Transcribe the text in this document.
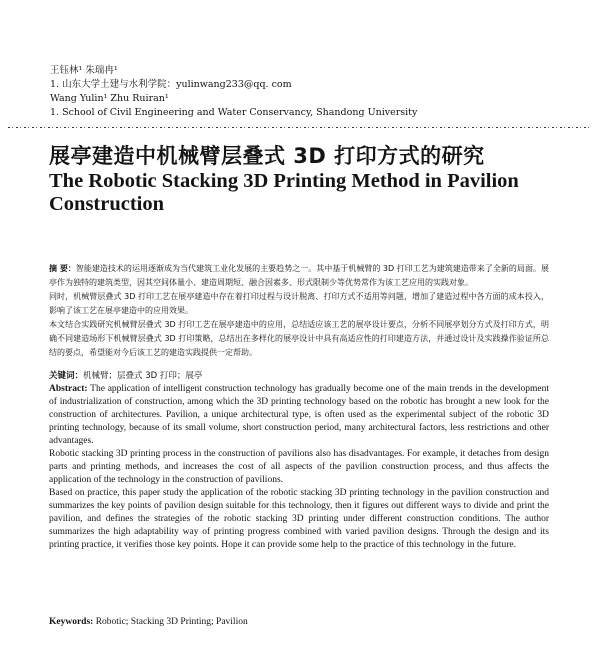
王钰林¹ 朱瑞冉¹
1. 山东大学土建与水利学院：yulinwang233@qq. com
Wang Yulin¹ Zhu Ruiran¹
1. School of Civil Engineering and Water Conservancy, Shandong University
展亭建造中机械臂层叠式 3D 打印方式的研究
The Robotic Stacking 3D Printing Method in Pavilion Construction

摘 要：智能建造技术的运用逐渐成为当代建筑工业化发展的主要趋势之一。其中基于机械臂的 3D 打印工艺为建筑建造带来了全新的局面。展亭作为独特的建筑类型，因其空间体量小、建造周期短、融合因素多、形式限制少等优势常作为该工艺应用的实践对象。

同时，机械臂层叠式 3D 打印工艺在展亭建造中存在着打印过程与设计脱离、打印方式不适用等问题，增加了建造过程中各方面的成本投入，影响了该工艺在展亭建造中的应用效果。

本文结合实践研究机械臂层叠式 3D 打印工艺在展亭建造中的应用，总结适应该工艺的展亭设计要点，分析不同展亭划分方式及打印方式，明确不同建造场形下机械臂层叠式 3D 打印策略，总结出在多样化的展亭设计中具有高适应性的打印建造方法，并通过设计及实践操作验证所总结的要点，希望能对今后该工艺的建造实践提供一定帮助。

关键词：机械臂；层叠式 3D 打印；展亭

Abstract: The application of intelligent construction technology has gradually become one of the main trends in the development of industrialization of construction, among which the 3D printing technology based on the robotic has brought a new look for the construction of architectures. Pavilion, a unique architectural type, is often used as the experimental subject of the robotic 3D printing technology, because of its small volume, short construction period, many architectural factors, less restrictions and other advantages.

Robotic stacking 3D printing process in the construction of pavilions also has disadvantages. For example, it detaches from design parts and printing methods, and increases the cost of all aspects of the pavilion construction process, and thus affects the application of the technology in the construction of pavilions.

Based on practice, this paper study the application of the robotic stacking 3D printing technology in the pavilion construction and summarizes the key points of pavilion design suitable for this technology, then it figures out different ways to divide and print the pavilion, and defines the strategies of the robotic stacking 3D printing under different construction conditions. The author summarizes the high adaptability way of printing progress combined with varied pavilion designs. Through the design and its printing practice, it verifies those key points. Hope it can provide some help to the practice of this technology in the future.

Keywords: Robotic; Stacking 3D Printing; Pavilion
